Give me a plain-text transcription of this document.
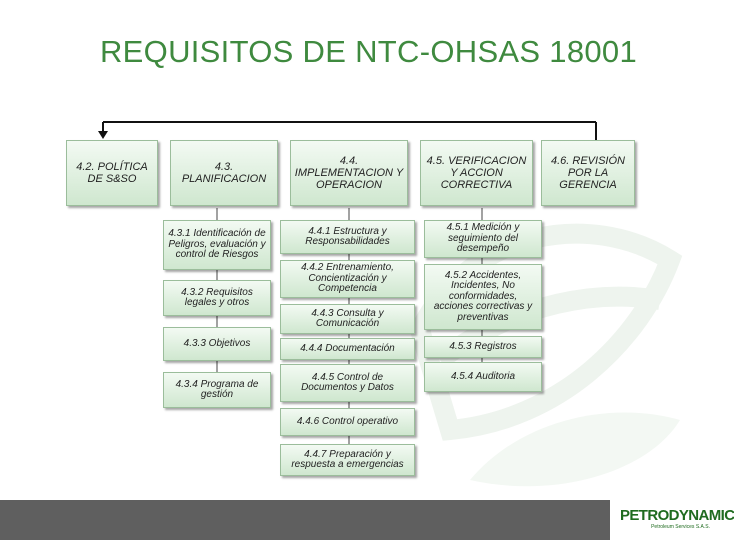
REQUISITOS DE NTC-OHSAS 18001
4.2. POLÍTICA DE S&SO
4.3. PLANIFICACION
4.4. IMPLEMENTACION Y OPERACION
4.5. VERIFICACION Y ACCION CORRECTIVA
4.6. REVISIÓN POR LA GERENCIA
4.3.1 Identificación de Peligros, evaluación y control de Riesgos
4.3.2 Requisitos legales y otros
4.3.3 Objetivos
4.3.4 Programa de gestión
4.4.1 Estructura y Responsabilidades
4.4.2 Entrenamiento, Concientización y Competencia
4.4.3 Consulta y Comunicación
4.4.4 Documentación
4.4.5 Control de Documentos y Datos
4.4.6 Control operativo
4.4.7 Preparación y respuesta a emergencias
4.5.1 Medición y seguimiento del desempeño
4.5.2 Accidentes, Incidentes, No conformidades, acciones correctivas y preventivas
4.5.3 Registros
4.5.4 Auditoria
PETRODYNAMIC
Petroleum Services S.A.S.
